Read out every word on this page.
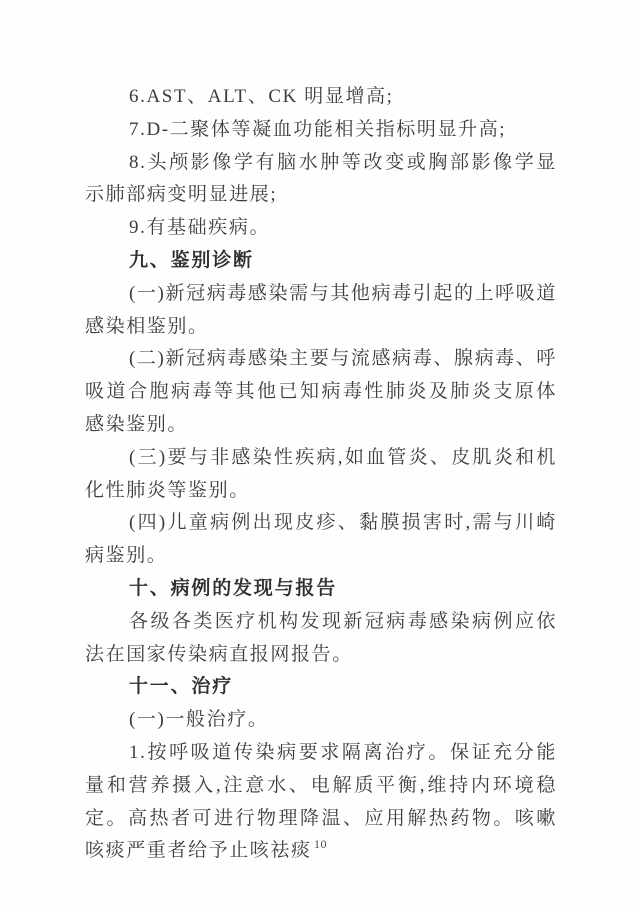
6.AST、ALT、CK 明显增高;

7.D-二聚体等凝血功能相关指标明显升高;

8.头颅影像学有脑水肿等改变或胸部影像学显示肺部病变明显进展;

9.有基础疾病。

九、鉴别诊断

(一)新冠病毒感染需与其他病毒引起的上呼吸道感染相鉴别。

(二)新冠病毒感染主要与流感病毒、腺病毒、呼吸道合胞病毒等其他已知病毒性肺炎及肺炎支原体感染鉴别。

(三)要与非感染性疾病,如血管炎、皮肌炎和机化性肺炎等鉴别。

(四)儿童病例出现皮疹、黏膜损害时,需与川崎病鉴别。

十、病例的发现与报告

各级各类医疗机构发现新冠病毒感染病例应依法在国家传染病直报网报告。

十一、治疗

(一)一般治疗。

1.按呼吸道传染病要求隔离治疗。保证充分能量和营养摄入,注意水、电解质平衡,维持内环境稳定。高热者可进行物理降温、应用解热药物。咳嗽咳痰严重者给予止咳祛痰 10
